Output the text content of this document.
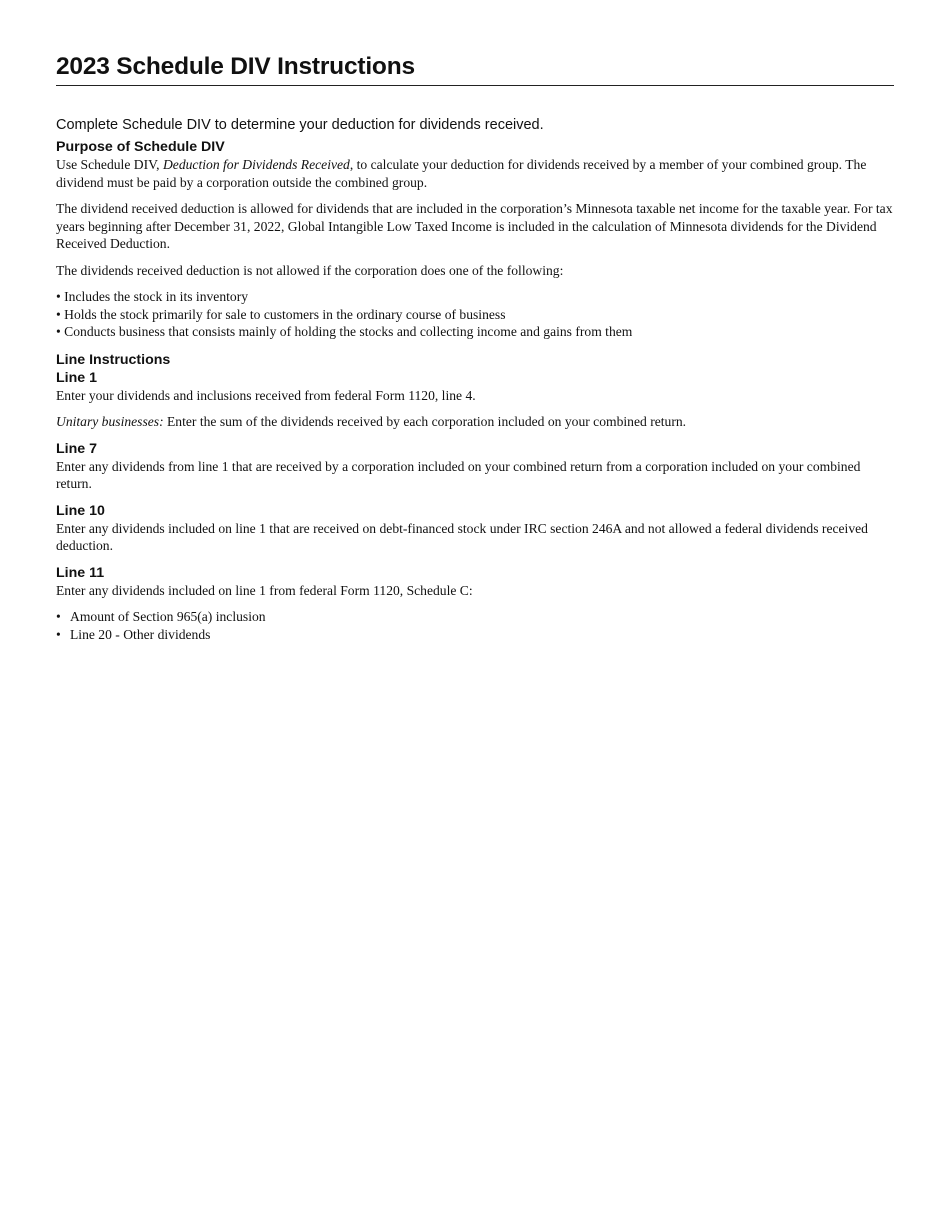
2023 Schedule DIV Instructions

Complete Schedule DIV to determine your deduction for dividends received.

Purpose of Schedule DIV

Use Schedule DIV, Deduction for Dividends Received, to calculate your deduction for dividends received by a member of your combined group. The dividend must be paid by a corporation outside the combined group.

The dividend received deduction is allowed for dividends that are included in the corporation’s Minnesota taxable net income for the taxable year. For tax years beginning after December 31, 2022, Global Intangible Low Taxed Income is included in the calculation of Minnesota dividends for the Dividend Received Deduction.

The dividends received deduction is not allowed if the corporation does one of the following:

• Includes the stock in its inventory
• Holds the stock primarily for sale to customers in the ordinary course of business
• Conducts business that consists mainly of holding the stocks and collecting income and gains from them
Line Instructions
Line 1

Enter your dividends and inclusions received from federal Form 1120, line 4.

Unitary businesses: Enter the sum of the dividends received by each corporation included on your combined return.

Line 7

Enter any dividends from line 1 that are received by a corporation included on your combined return from a corporation included on your combined return.

Line 10

Enter any dividends included on line 1 that are received on debt-financed stock under IRC section 246A and not allowed a federal dividends received deduction.

Line 11

Enter any dividends included on line 1 from federal Form 1120, Schedule C:

• Amount of Section 965(a) inclusion
• Line 20 - Other dividends
